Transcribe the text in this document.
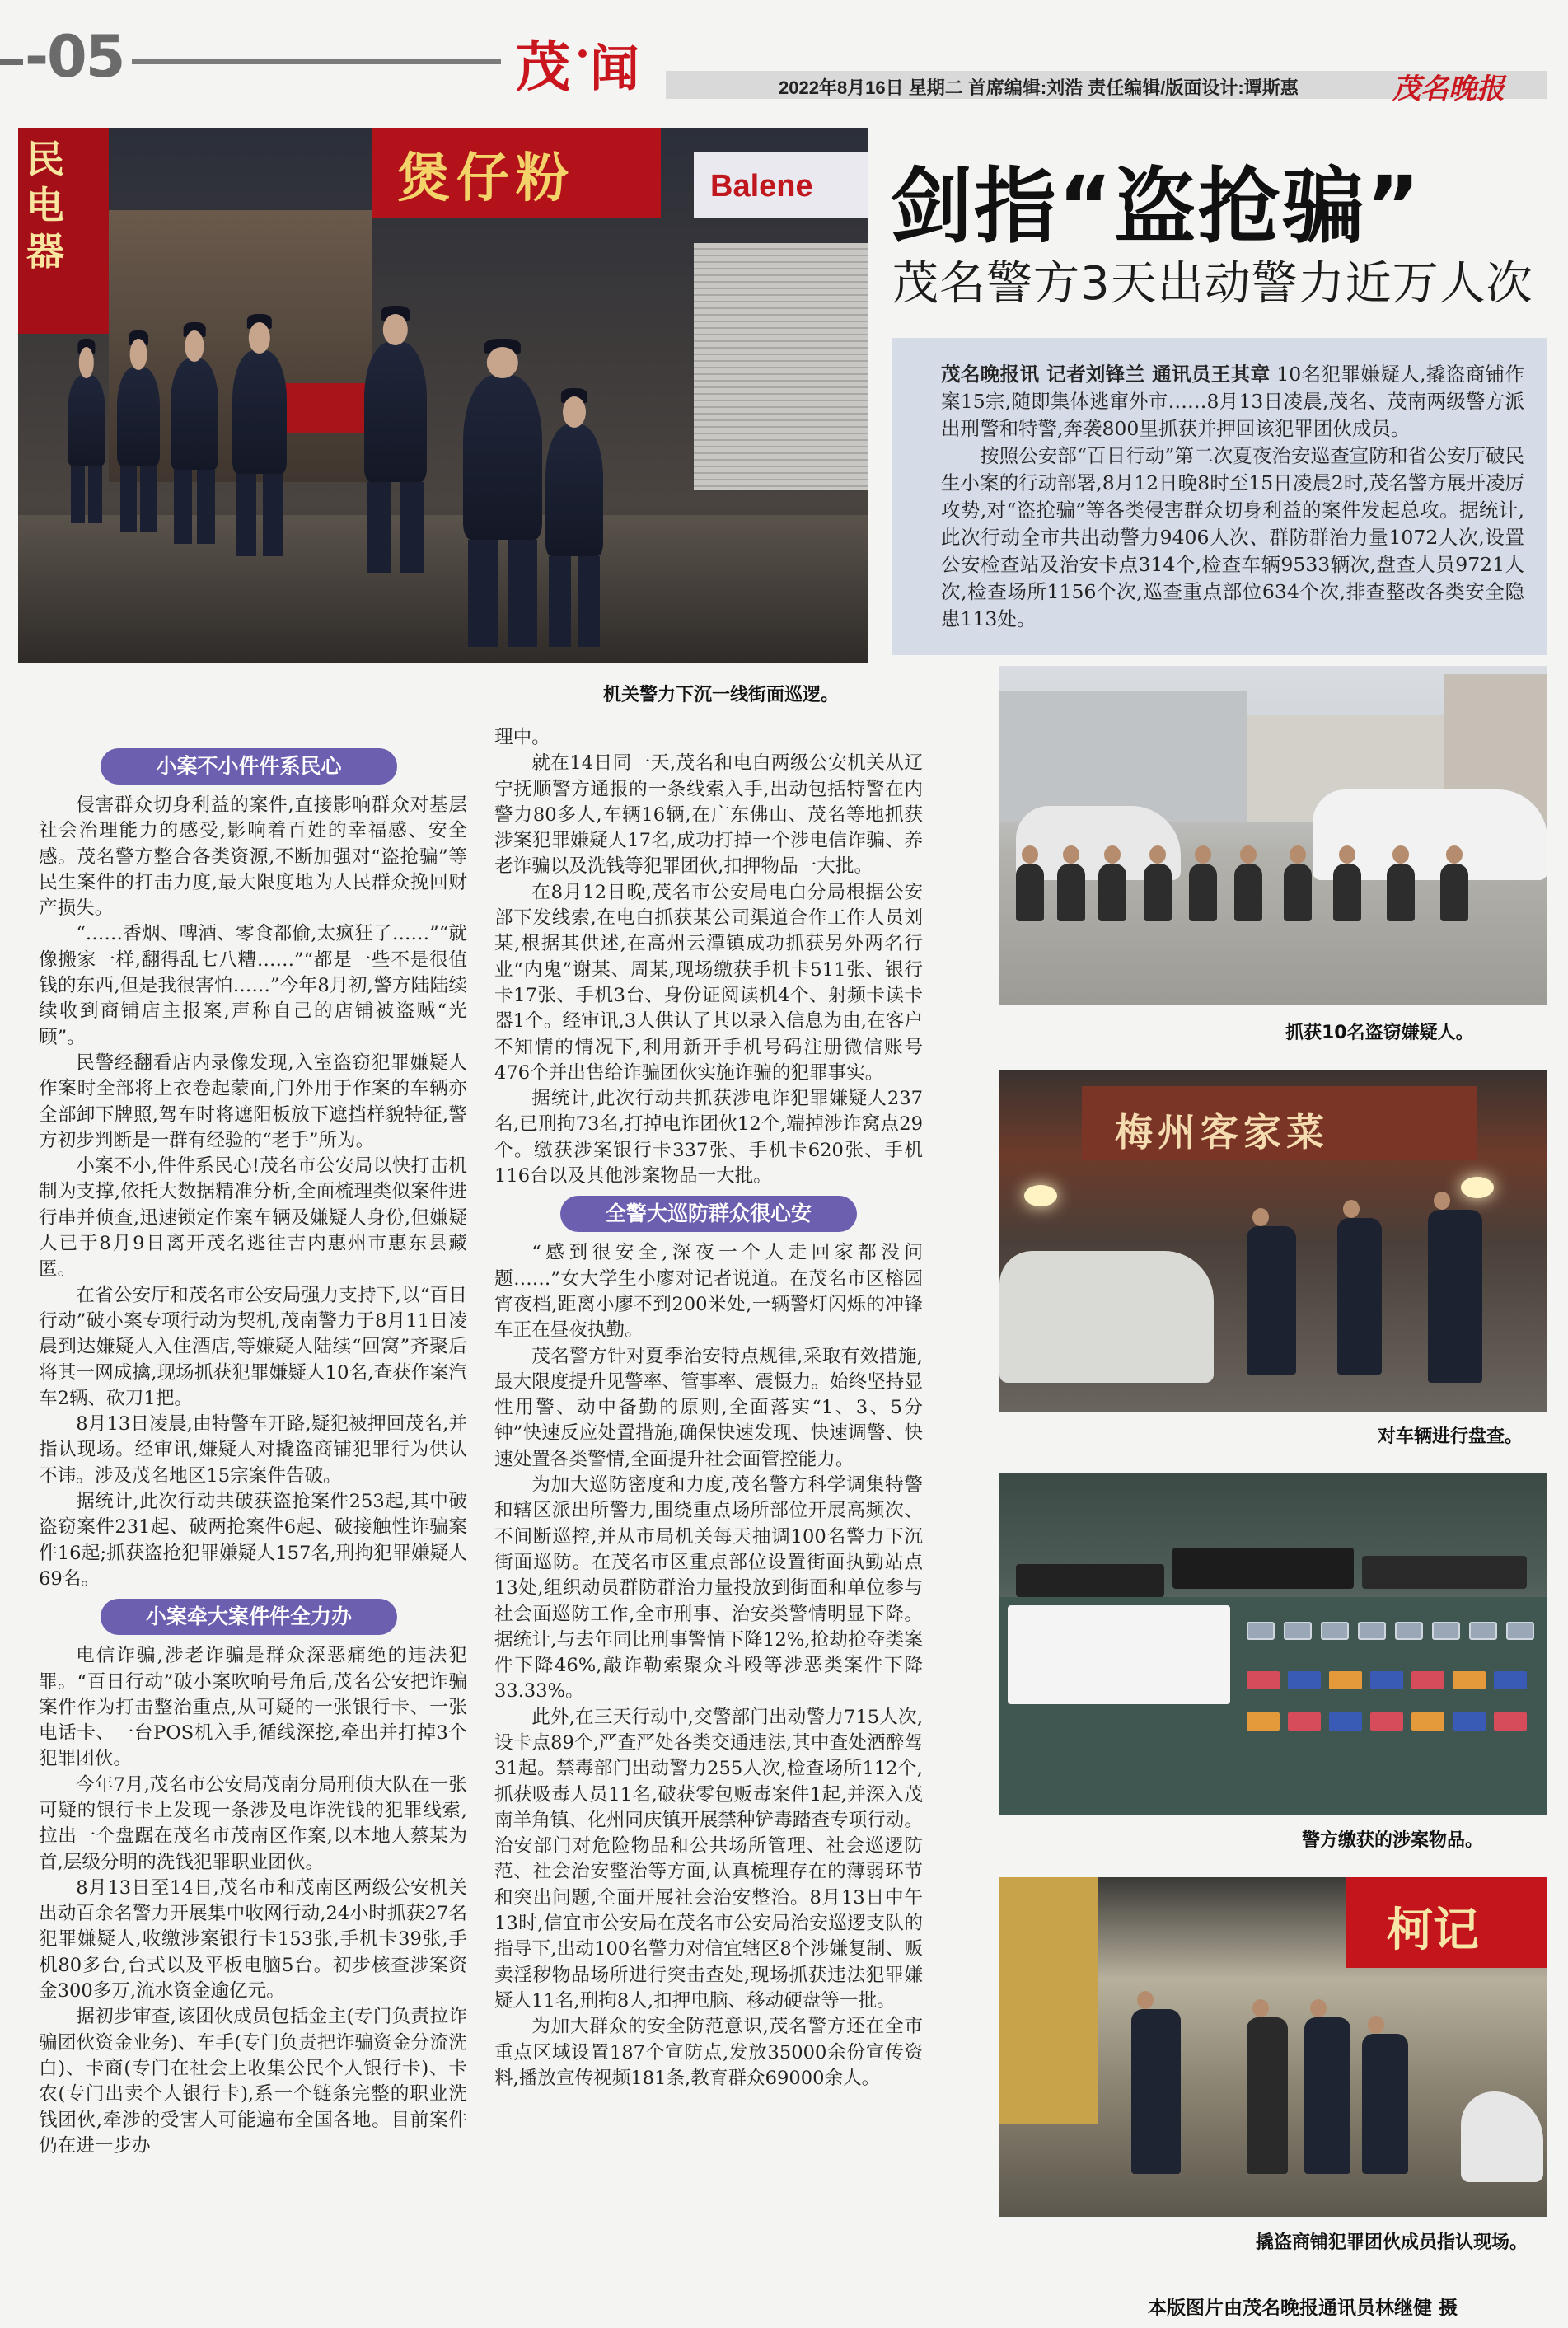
-05	茂 闻	2022年8月16日 星期二 首席编辑:刘浩 责任编辑/版面设计:谭斯惠	茂名晚报
民电器
煲仔粉	Balene
机关警力下沉一线街面巡逻。
剑指“盗抢骗”
茂名警方3天出动警力近万人次

茂名晚报讯 记者刘锋兰 通讯员王其章 10名犯罪嫌疑人,撬盗商铺作案15宗,随即集体逃窜外市……8月13日凌晨,茂名、茂南两级警方派出刑警和特警,奔袭800里抓获并押回该犯罪团伙成员。

按照公安部“百日行动”第二次夏夜治安巡查宣防和省公安厅破民生小案的行动部署,8月12日晚8时至15日凌晨2时,茂名警方展开凌厉攻势,对“盗抢骗”等各类侵害群众切身利益的案件发起总攻。据统计,此次行动全市共出动警力9406人次、群防群治力量1072人次,设置公安检查站及治安卡点314个,检查车辆9533辆次,盘查人员9721人次,检查场所1156个次,巡查重点部位634个次,排查整改各类安全隐患113处。

小案不小件件系民心

侵害群众切身利益的案件,直接影响群众对基层社会治理能力的感受,影响着百姓的幸福感、安全感。茂名警方整合各类资源,不断加强对“盗抢骗”等民生案件的打击力度,最大限度地为人民群众挽回财产损失。

“……香烟、啤酒、零食都偷,太疯狂了……”“就像搬家一样,翻得乱七八糟……”“都是一些不是很值钱的东西,但是我很害怕……”今年8月初,警方陆陆续续收到商铺店主报案,声称自己的店铺被盗贼“光顾”。

民警经翻看店内录像发现,入室盗窃犯罪嫌疑人作案时全部将上衣卷起蒙面,门外用于作案的车辆亦全部卸下牌照,驾车时将遮阳板放下遮挡样貌特征,警方初步判断是一群有经验的“老手”所为。

小案不小,件件系民心!茂名市公安局以快打击机制为支撑,依托大数据精准分析,全面梳理类似案件进行串并侦查,迅速锁定作案车辆及嫌疑人身份,但嫌疑人已于8月9日离开茂名逃往吉内惠州市惠东县藏匿。

在省公安厅和茂名市公安局强力支持下,以“百日行动”破小案专项行动为契机,茂南警力于8月11日凌晨到达嫌疑人入住酒店,等嫌疑人陆续“回窝”齐聚后将其一网成擒,现场抓获犯罪嫌疑人10名,查获作案汽车2辆、砍刀1把。

8月13日凌晨,由特警车开路,疑犯被押回茂名,并指认现场。经审讯,嫌疑人对撬盗商铺犯罪行为供认不讳。涉及茂名地区15宗案件告破。

据统计,此次行动共破获盗抢案件253起,其中破盗窃案件231起、破两抢案件6起、破接触性诈骗案件16起;抓获盗抢犯罪嫌疑人157名,刑拘犯罪嫌疑人69名。

小案牵大案件件全力办

电信诈骗,涉老诈骗是群众深恶痛绝的违法犯罪。“百日行动”破小案吹响号角后,茂名公安把诈骗案件作为打击整治重点,从可疑的一张银行卡、一张电话卡、一台POS机入手,循线深挖,牵出并打掉3个犯罪团伙。

今年7月,茂名市公安局茂南分局刑侦大队在一张可疑的银行卡上发现一条涉及电诈洗钱的犯罪线索,拉出一个盘踞在茂名市茂南区作案,以本地人蔡某为首,层级分明的洗钱犯罪职业团伙。

8月13日至14日,茂名市和茂南区两级公安机关出动百余名警力开展集中收网行动,24小时抓获27名犯罪嫌疑人,收缴涉案银行卡153张,手机卡39张,手机80多台,台式以及平板电脑5台。初步核查涉案资金300多万,流水资金逾亿元。

据初步审查,该团伙成员包括金主(专门负责拉诈骗团伙资金业务)、车手(专门负责把诈骗资金分流洗白)、卡商(专门在社会上收集公民个人银行卡)、卡农(专门出卖个人银行卡),系一个链条完整的职业洗钱团伙,牵涉的受害人可能遍布全国各地。目前案件仍在进一步办

理中。

就在14日同一天,茂名和电白两级公安机关从辽宁抚顺警方通报的一条线索入手,出动包括特警在内警力80多人,车辆16辆,在广东佛山、茂名等地抓获涉案犯罪嫌疑人17名,成功打掉一个涉电信诈骗、养老诈骗以及洗钱等犯罪团伙,扣押物品一大批。

在8月12日晚,茂名市公安局电白分局根据公安部下发线索,在电白抓获某公司渠道合作工作人员刘某,根据其供述,在高州云潭镇成功抓获另外两名行业“内鬼”谢某、周某,现场缴获手机卡511张、银行卡17张、手机3台、身份证阅读机4个、射频卡读卡器1个。经审讯,3人供认了其以录入信息为由,在客户不知情的情况下,利用新开手机号码注册微信账号476个并出售给诈骗团伙实施诈骗的犯罪事实。

据统计,此次行动共抓获涉电诈犯罪嫌疑人237名,已刑拘73名,打掉电诈团伙12个,端掉涉诈窝点29个。缴获涉案银行卡337张、手机卡620张、手机116台以及其他涉案物品一大批。

全警大巡防群众很心安

“感到很安全,深夜一个人走回家都没问题……”女大学生小廖对记者说道。在茂名市区榕园宵夜档,距离小廖不到200米处,一辆警灯闪烁的冲锋车正在昼夜执勤。

茂名警方针对夏季治安特点规律,采取有效措施,最大限度提升见警率、管事率、震慑力。始终坚持显性用警、动中备勤的原则,全面落实“1、3、5分钟”快速反应处置措施,确保快速发现、快速调警、快速处置各类警情,全面提升社会面管控能力。

为加大巡防密度和力度,茂名警方科学调集特警和辖区派出所警力,围绕重点场所部位开展高频次、不间断巡控,并从市局机关每天抽调100名警力下沉街面巡防。在茂名市区重点部位设置街面执勤站点13处,组织动员群防群治力量投放到街面和单位参与社会面巡防工作,全市刑事、治安类警情明显下降。据统计,与去年同比刑事警情下降12%,抢劫抢夺类案件下降46%,敲诈勒索聚众斗殴等涉恶类案件下降33.33%。

此外,在三天行动中,交警部门出动警力715人次,设卡点89个,严查严处各类交通违法,其中查处酒醉驾31起。禁毒部门出动警力255人次,检查场所112个,抓获吸毒人员11名,破获零包贩毒案件1起,并深入茂南羊角镇、化州同庆镇开展禁种铲毒踏查专项行动。治安部门对危险物品和公共场所管理、社会巡逻防范、社会治安整治等方面,认真梳理存在的薄弱环节和突出问题,全面开展社会治安整治。8月13日中午13时,信宜市公安局在茂名市公安局治安巡逻支队的指导下,出动100名警力对信宜辖区8个涉嫌复制、贩卖淫秽物品场所进行突击查处,现场抓获违法犯罪嫌疑人11名,刑拘8人,扣押电脑、移动硬盘等一批。

为加大群众的安全防范意识,茂名警方还在全市重点区域设置187个宣防点,发放35000余份宣传资料,播放宣传视频181条,教育群众69000余人。

抓获10名盗窃嫌疑人。
梅州客家菜
对车辆进行盘查。
警方缴获的涉案物品。
柯记
撬盗商铺犯罪团伙成员指认现场。
本版图片由茂名晚报通讯员林继健 摄
